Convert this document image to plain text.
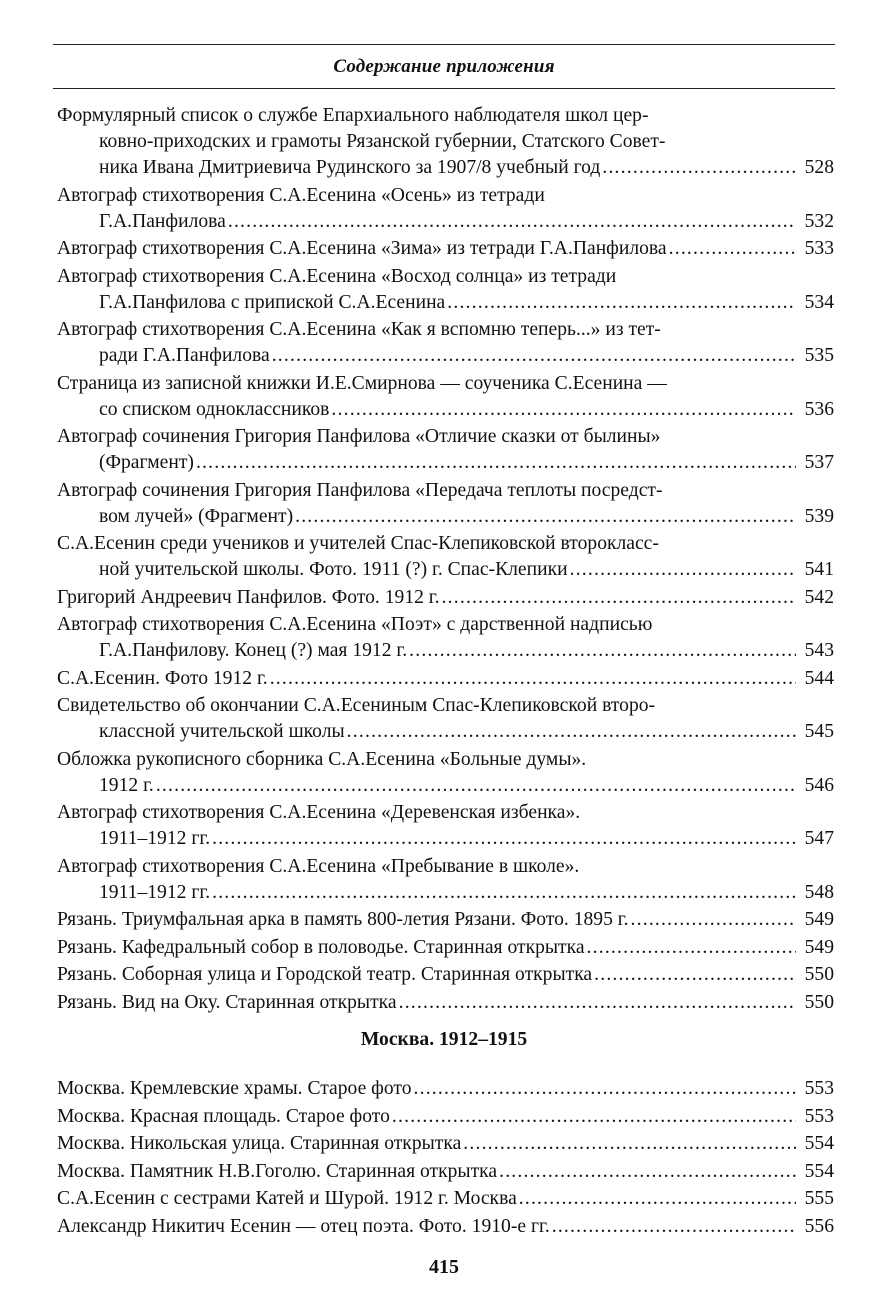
Содержание приложения
Формулярный список о службе Епархиального наблюдателя школ цер-
ковно-приходских и грамоты Рязанской губернии, Статского Совет-
ника Ивана Дмитриевича Рудинского за 1907/8 учебный год .....	528
Автограф стихотворения С.А.Есенина «Осень» из тетради
Г.А.Панфилова .....	532
Автограф стихотворения С.А.Есенина «Зима» из тетради Г.А.Панфилова .....	533
Автограф стихотворения С.А.Есенина «Восход солнца» из тетради
Г.А.Панфилова с припиской С.А.Есенина .....	534
Автограф стихотворения С.А.Есенина «Как я вспомню теперь...» из тет-
ради Г.А.Панфилова .....	535
Страница из записной книжки И.Е.Смирнова — соученика С.Есенина —
со списком одноклассников .....	536
Автограф сочинения Григория Панфилова «Отличие сказки от былины»
(Фрагмент) .....	537
Автограф сочинения Григория Панфилова «Передача теплоты посредст-
вом лучей» (Фрагмент) .....	539
С.А.Есенин среди учеников и учителей Спас-Клепиковской второкласс-
ной учительской школы. Фото. 1911 (?) г. Спас-Клепики .....	541
Григорий Андреевич Панфилов. Фото. 1912 г. .....	542
Автограф стихотворения С.А.Есенина «Поэт» с дарственной надписью
Г.А.Панфилову. Конец (?) мая 1912 г. .....	543
С.А.Есенин. Фото 1912 г. .....	544
Свидетельство об окончании С.А.Есениным Спас-Клепиковской второ-
классной учительской школы .....	545
Обложка рукописного сборника С.А.Есенина «Больные думы».
1912 г. .....	546
Автограф стихотворения С.А.Есенина «Деревенская избенка».
1911–1912 гг. .....	547
Автограф стихотворения С.А.Есенина «Пребывание в школе».
1911–1912 гг. .....	548
Рязань. Триумфальная арка в память 800-летия Рязани. Фото. 1895 г. .....	549
Рязань. Кафедральный собор в половодье. Старинная открытка .....	549
Рязань. Соборная улица и Городской театр. Старинная открытка .....	550
Рязань. Вид на Оку. Старинная открытка .....	550
Москва. 1912–1915
Москва. Кремлевские храмы. Старое фото .....	553
Москва. Красная площадь. Старое фото .....	553
Москва. Никольская улица. Старинная открытка .....	554
Москва. Памятник Н.В.Гоголю. Старинная открытка .....	554
С.А.Есенин с сестрами Катей и Шурой. 1912 г. Москва .....	555
Александр Никитич Есенин — отец поэта. Фото. 1910-е гг. .....	556
415
